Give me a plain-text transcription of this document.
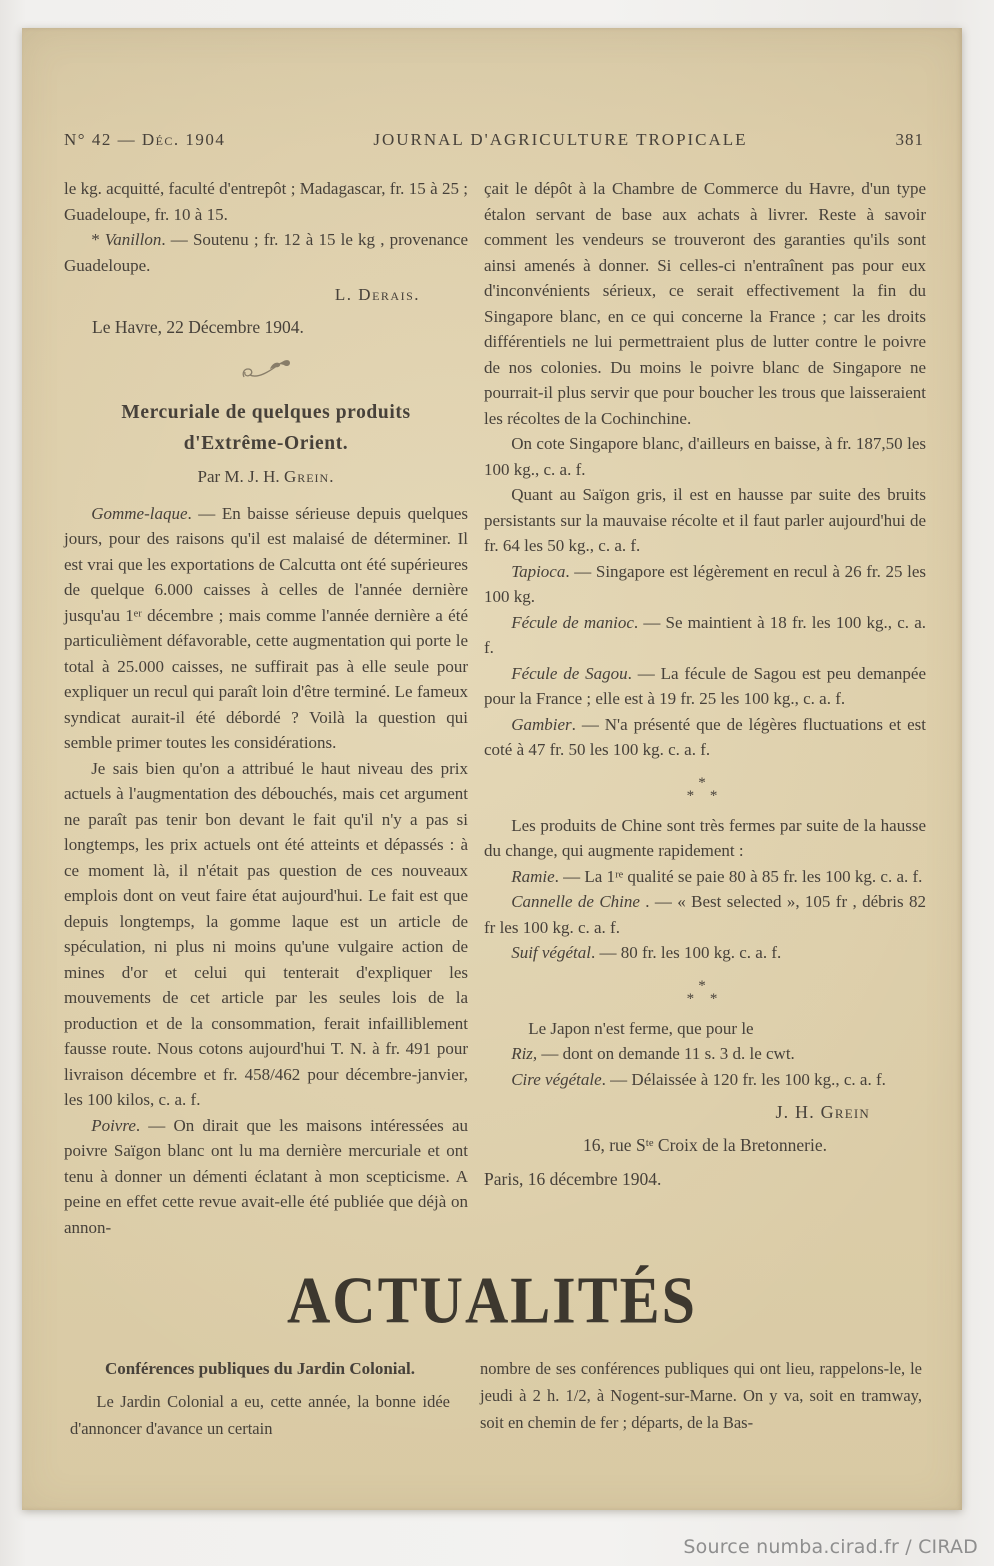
N° 42 — Déc. 1904	JOURNAL D'AGRICULTURE TROPICALE	381

le kg. acquitté, faculté d'entrepôt ; Madagascar, fr. 15 à 25 ; Guadeloupe, fr. 10 à 15.

* Vanillon. — Soutenu ; fr. 12 à 15 le kg , provenance Guadeloupe.

L. Derais.

Le Havre, 22 Décembre 1904.

Mercuriale de quelques produits
d'Extrême-Orient.
Par M. J. H. Grein.

Gomme-laque. — En baisse sérieuse depuis quelques jours, pour des raisons qu'il est malaisé de déterminer. Il est vrai que les exportations de Calcutta ont été supérieures de quelque 6.000 caisses à celles de l'année dernière jusqu'au 1ᵉʳ décembre ; mais comme l'année dernière a été particulièment défavorable, cette augmentation qui porte le total à 25.000 caisses, ne suffirait pas à elle seule pour expliquer un recul qui paraît loin d'être terminé. Le fameux syndicat aurait-il été débordé ? Voilà la question qui semble primer toutes les considérations.

Je sais bien qu'on a attribué le haut niveau des prix actuels à l'augmentation des débouchés, mais cet argument ne paraît pas tenir bon devant le fait qu'il n'y a pas si longtemps, les prix actuels ont été atteints et dépassés : à ce moment là, il n'était pas question de ces nouveaux emplois dont on veut faire état aujourd'hui. Le fait est que depuis longtemps, la gomme laque est un article de spéculation, ni plus ni moins qu'une vulgaire action de mines d'or et celui qui tenterait d'expliquer les mouvements de cet article par les seules lois de la production et de la consommation, ferait infailliblement fausse route. Nous cotons aujourd'hui T. N. à fr. 491 pour livraison décembre et fr. 458/462 pour décembre-janvier, les 100 kilos, c. a. f.

Poivre. — On dirait que les maisons intéressées au poivre Saïgon blanc ont lu ma dernière mercuriale et ont tenu à donner un démenti éclatant à mon scepticisme. A peine en effet cette revue avait-elle été publiée que déjà on annon-

çait le dépôt à la Chambre de Commerce du Havre, d'un type étalon servant de base aux achats à livrer. Reste à savoir comment les vendeurs se trouveront des garanties qu'ils sont ainsi amenés à donner. Si celles-ci n'entraînent pas pour eux d'inconvénients sérieux, ce serait effectivement la fin du Singapore blanc, en ce qui concerne la France ; car les droits différentiels ne lui permettraient plus de lutter contre le poivre de nos colonies. Du moins le poivre blanc de Singapore ne pourrait-il plus servir que pour boucher les trous que laisseraient les récoltes de la Cochinchine.

On cote Singapore blanc, d'ailleurs en baisse, à fr. 187,50 les 100 kg., c. a. f.

Quant au Saïgon gris, il est en hausse par suite des bruits persistants sur la mauvaise récolte et il faut parler aujourd'hui de fr. 64 les 50 kg., c. a. f.

Tapioca. — Singapore est légèrement en recul à 26 fr. 25 les 100 kg.

Fécule de manioc. — Se maintient à 18 fr. les 100 kg., c. a. f.

Fécule de Sagou. — La fécule de Sagou est peu demanpée pour la France ; elle est à 19 fr. 25 les 100 kg., c. a. f.

Gambier. — N'a présenté que de légères fluctuations et est coté à 47 fr. 50 les 100 kg. c. a. f.

*
* *

Les produits de Chine sont très fermes par suite de la hausse du change, qui augmente rapidement :

Ramie. — La 1ʳᵉ qualité se paie 80 à 85 fr. les 100 kg. c. a. f.

Cannelle de Chine . — « Best selected », 105 fr , débris 82 fr les 100 kg. c. a. f.

Suif végétal. — 80 fr. les 100 kg. c. a. f.

*
* *

Le Japon n'est ferme, que pour le

Riz, — dont on demande 11 s. 3 d. le cwt.

Cire végétale. — Délaissée à 120 fr. les 100 kg., c. a. f.

J. H. Grein

16, rue Sᵗᵉ Croix de la Bretonnerie.

Paris, 16 décembre 1904.

ACTUALITÉS
Conférences publiques du Jardin Colonial.

Le Jardin Colonial a eu, cette année, la bonne idée d'annoncer d'avance un certain

nombre de ses conférences publiques qui ont lieu, rappelons-le, le jeudi à 2 h. 1/2, à Nogent-sur-Marne. On y va, soit en tramway, soit en chemin de fer ; départs, de la Bas-

Source numba.cirad.fr / CIRAD
